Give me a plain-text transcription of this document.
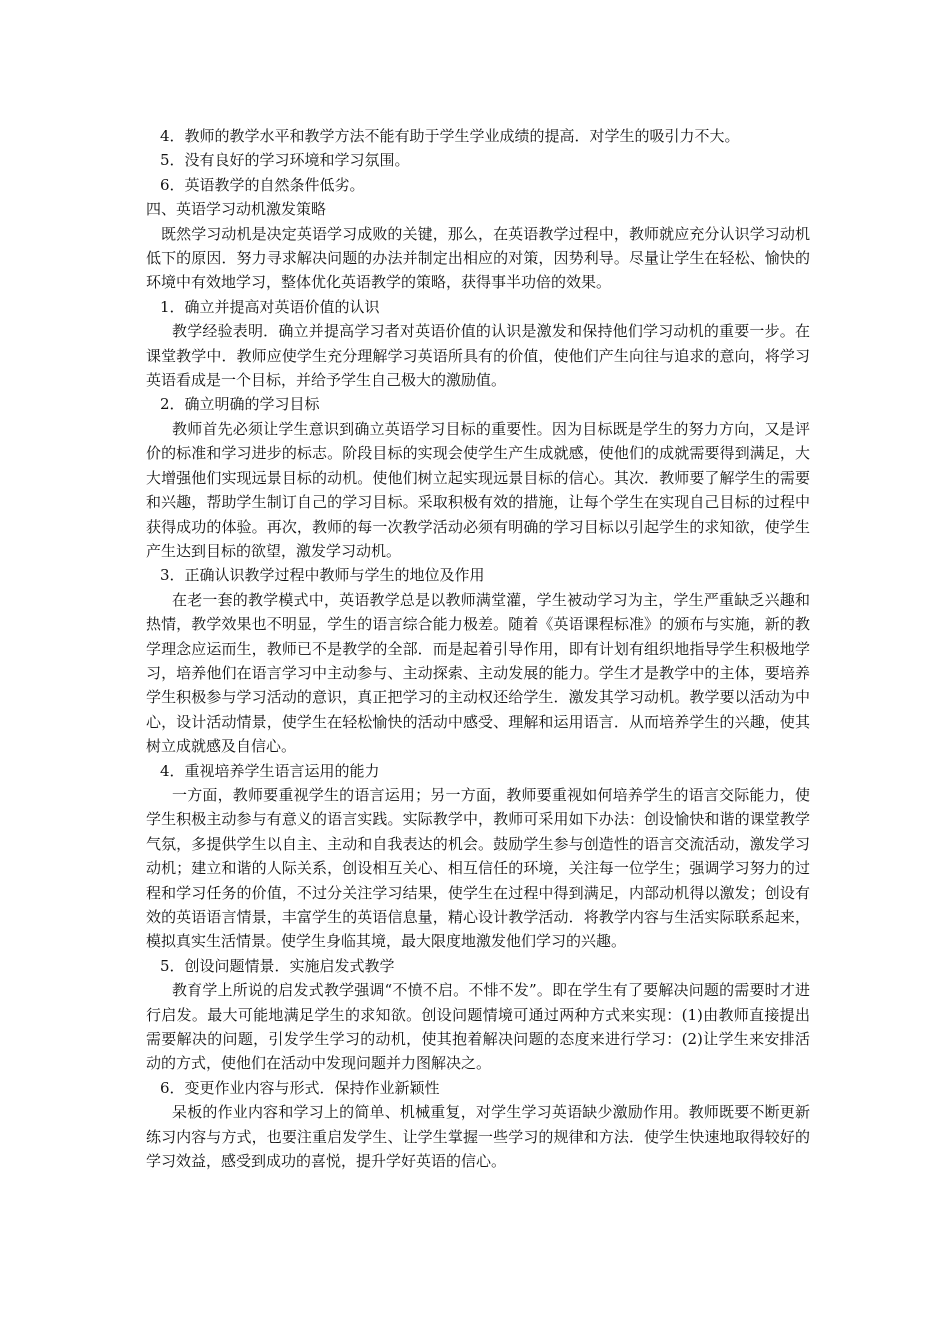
4．教师的教学水平和教学方法不能有助于学生学业成绩的提高．对学生的吸引力不大。

5．没有良好的学习环境和学习氛围。

6．英语教学的自然条件低劣。

四、英语学习动机激发策略

既然学习动机是决定英语学习成败的关键，那么，在英语教学过程中，教师就应充分认识学习动机低下的原因．努力寻求解决问题的办法并制定出相应的对策，因势利导。尽量让学生在轻松、愉快的环境中有效地学习，整体优化英语教学的策略，获得事半功倍的效果。

1．确立并提高对英语价值的认识

教学经验表明．确立并提高学习者对英语价值的认识是激发和保持他们学习动机的重要一步。在课堂教学中．教师应使学生充分理解学习英语所具有的价值，使他们产生向往与追求的意向，将学习英语看成是一个目标，并给予学生自己极大的激励值。

2．确立明确的学习目标

教师首先必须让学生意识到确立英语学习目标的重要性。因为目标既是学生的努力方向，又是评价的标准和学习进步的标志。阶段目标的实现会使学生产生成就感，使他们的成就需要得到满足，大大增强他们实现远景目标的动机。使他们树立起实现远景目标的信心。其次．教师要了解学生的需要和兴趣，帮助学生制订自己的学习目标。采取积极有效的措施，让每个学生在实现自己目标的过程中获得成功的体验。再次，教师的每一次教学活动必须有明确的学习目标以引起学生的求知欲，使学生产生达到目标的欲望，激发学习动机。

3．正确认识教学过程中教师与学生的地位及作用

在老一套的教学模式中，英语教学总是以教师满堂灌，学生被动学习为主，学生严重缺乏兴趣和热情，教学效果也不明显，学生的语言综合能力极差。随着《英语课程标准》的颁布与实施，新的教学理念应运而生，教师已不是教学的全部．而是起着引导作用，即有计划有组织地指导学生积极地学习，培养他们在语言学习中主动参与、主动探索、主动发展的能力。学生才是教学中的主体，要培养学生积极参与学习活动的意识，真正把学习的主动权还给学生．激发其学习动机。教学要以活动为中心，设计活动情景，使学生在轻松愉快的活动中感受、理解和运用语言．从而培养学生的兴趣，使其树立成就感及自信心。

4．重视培养学生语言运用的能力

一方面，教师要重视学生的语言运用；另一方面，教师要重视如何培养学生的语言交际能力，使学生积极主动参与有意义的语言实践。实际教学中，教师可采用如下办法：创设愉快和谐的课堂教学气氛，多提供学生以自主、主动和自我表达的机会。鼓励学生参与创造性的语言交流活动，激发学习动机；建立和谐的人际关系，创设相互关心、相互信任的环境，关注每一位学生；强调学习努力的过程和学习任务的价值，不过分关注学习结果，使学生在过程中得到满足，内部动机得以激发；创设有效的英语语言情景，丰富学生的英语信息量，精心设计教学活动．将教学内容与生活实际联系起来，模拟真实生活情景。使学生身临其境，最大限度地激发他们学习的兴趣。

5．创设问题情景．实施启发式教学

教育学上所说的启发式教学强调“不愤不启。不悱不发”。即在学生有了要解决问题的需要时才进行启发。最大可能地满足学生的求知欲。创设问题情境可通过两种方式来实现：(1)由教师直接提出需要解决的问题，引发学生学习的动机，使其抱着解决问题的态度来进行学习：(2)让学生来安排活动的方式，使他们在活动中发现问题并力图解决之。

6．变更作业内容与形式．保持作业新颖性

呆板的作业内容和学习上的简单、机械重复，对学生学习英语缺少激励作用。教师既要不断更新练习内容与方式，也要注重启发学生、让学生掌握一些学习的规律和方法．使学生快速地取得较好的学习效益，感受到成功的喜悦，提升学好英语的信心。
